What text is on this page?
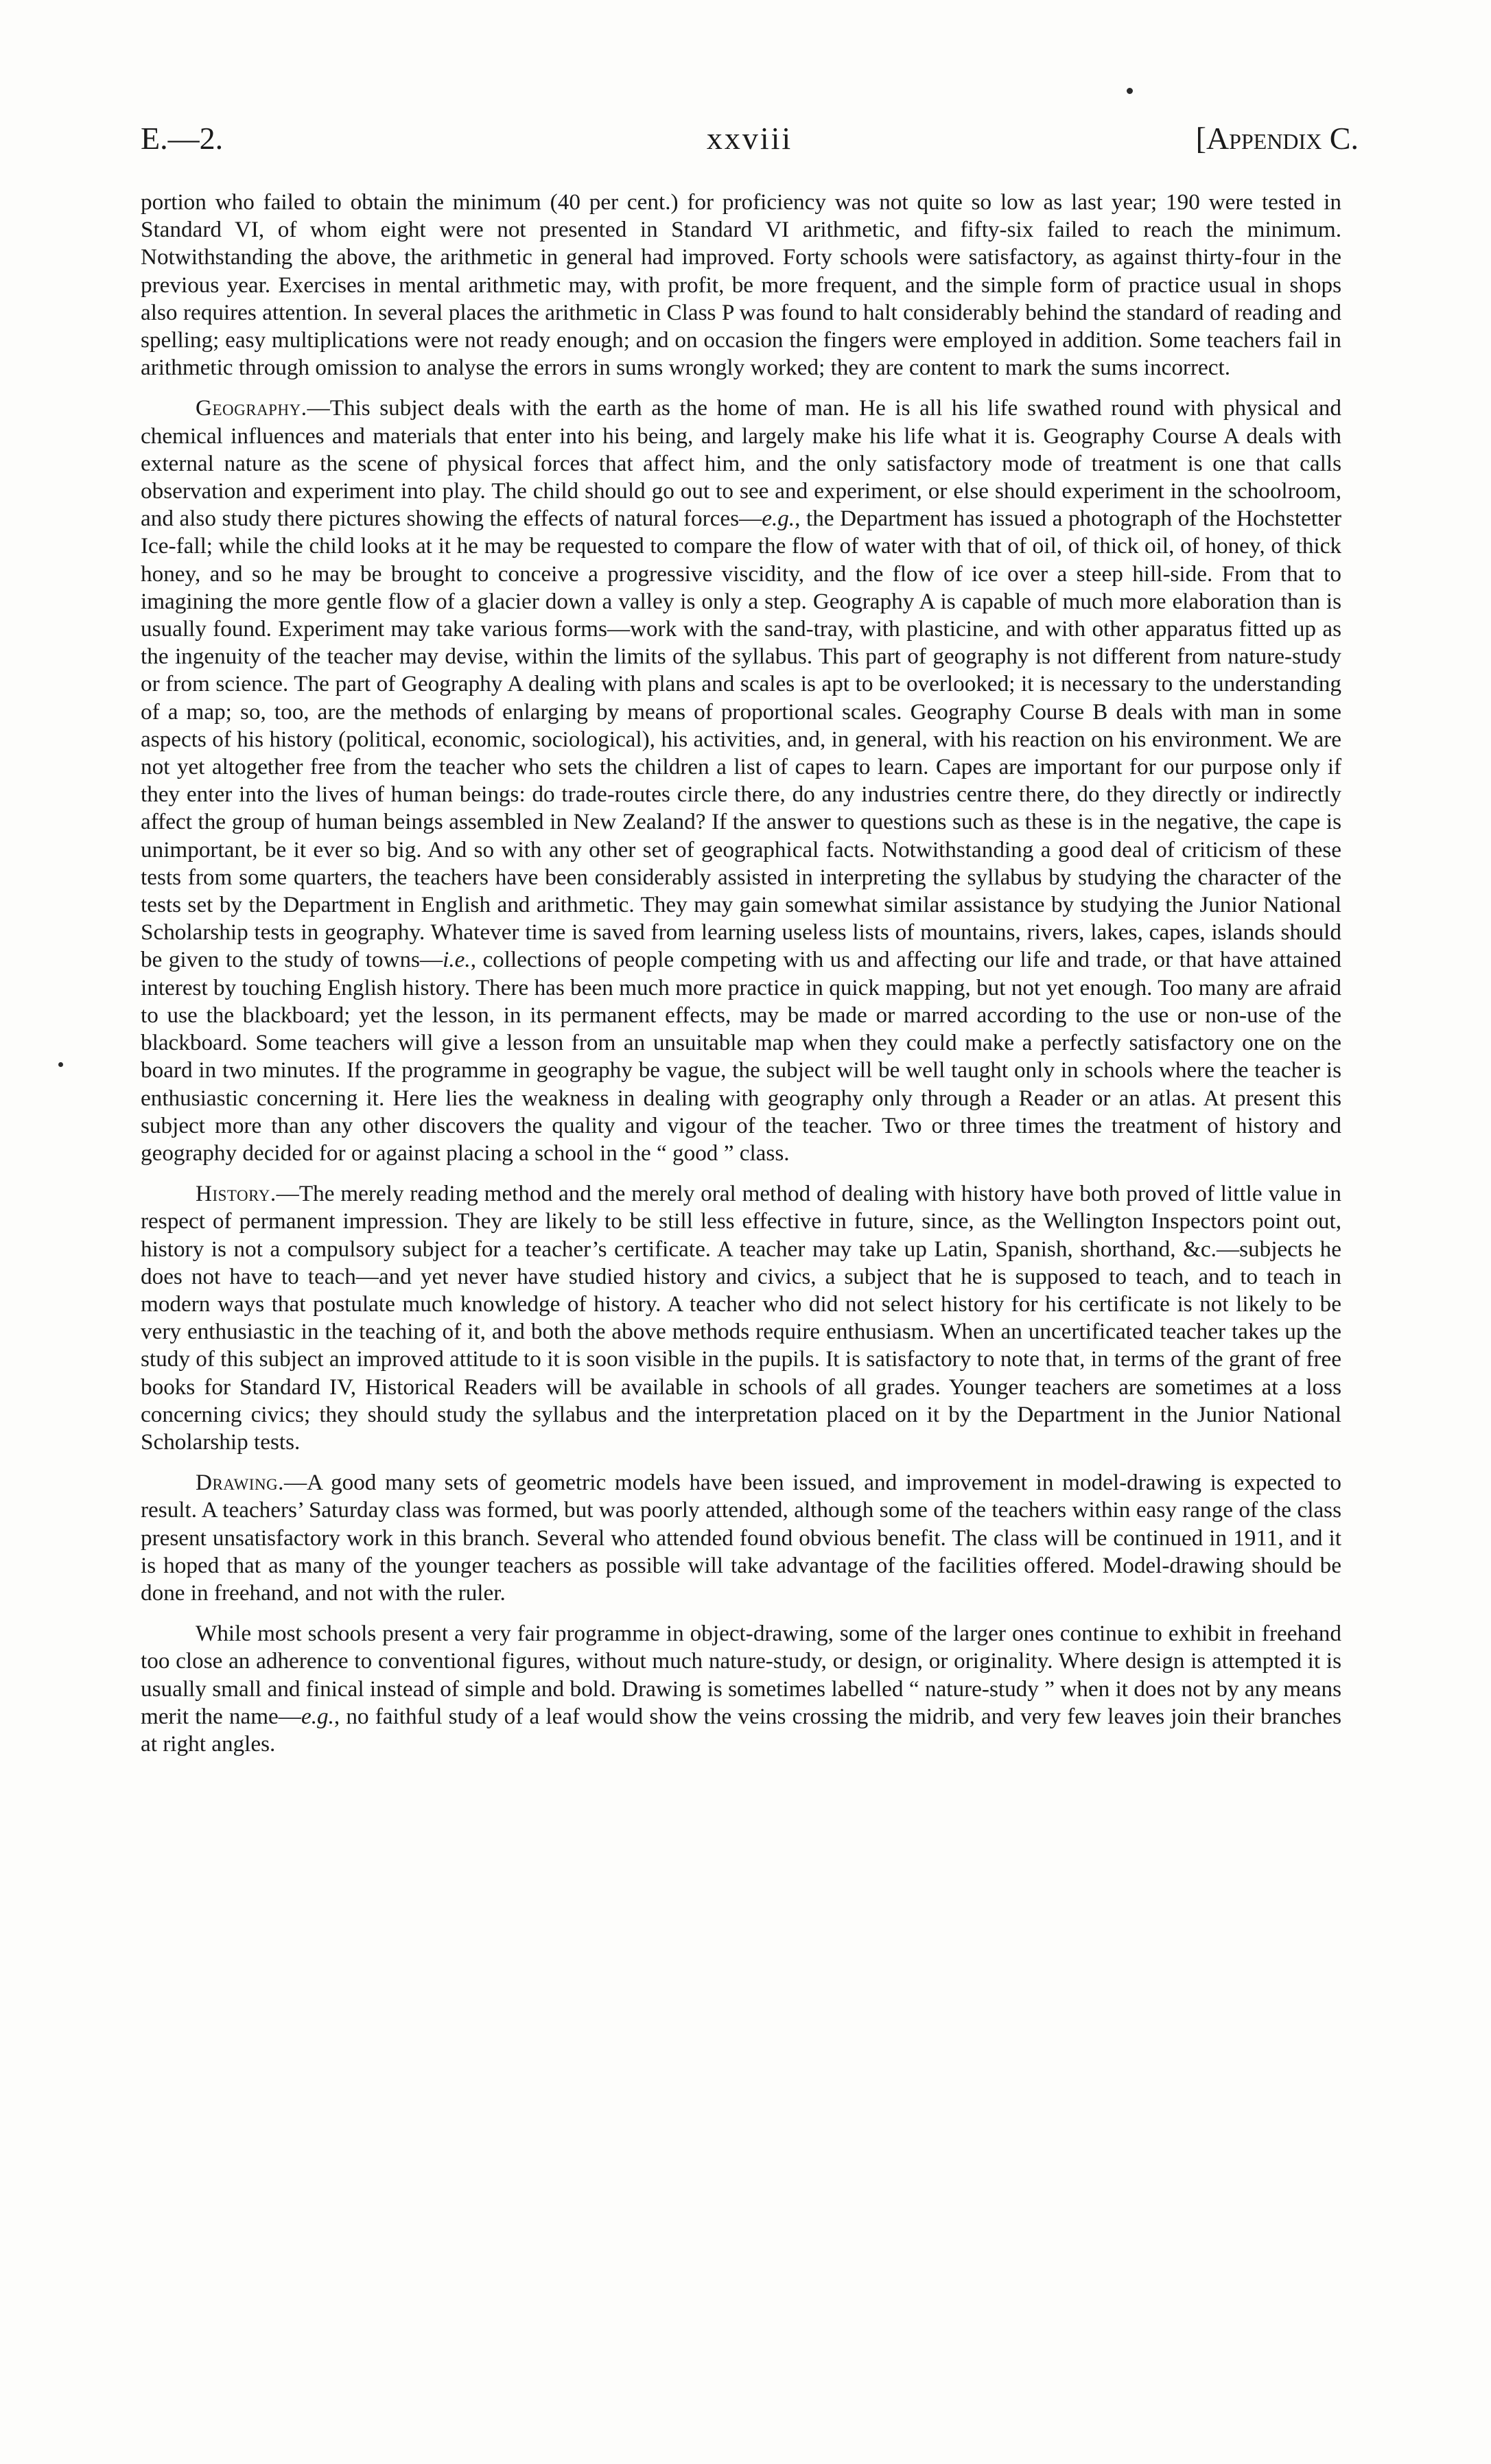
E.—2.	xxviii	[Appendix C.

portion who failed to obtain the minimum (40 per cent.) for proficiency was not quite so low as last year; 190 were tested in Standard VI, of whom eight were not presented in Standard VI arithmetic, and fifty-six failed to reach the minimum. Notwithstanding the above, the arithmetic in general had improved. Forty schools were satisfactory, as against thirty-four in the previous year. Exercises in mental arithmetic may, with profit, be more frequent, and the simple form of practice usual in shops also requires attention. In several places the arithmetic in Class P was found to halt considerably behind the standard of reading and spelling; easy multiplications were not ready enough; and on occasion the fingers were employed in addition. Some teachers fail in arithmetic through omission to analyse the errors in sums wrongly worked; they are content to mark the sums incorrect.

Geography.—This subject deals with the earth as the home of man. He is all his life swathed round with physical and chemical influences and materials that enter into his being, and largely make his life what it is. Geography Course A deals with external nature as the scene of physical forces that affect him, and the only satisfactory mode of treatment is one that calls observation and experiment into play. The child should go out to see and experiment, or else should experiment in the schoolroom, and also study there pictures showing the effects of natural forces—e.g., the Department has issued a photograph of the Hochstetter Ice-fall; while the child looks at it he may be requested to compare the flow of water with that of oil, of thick oil, of honey, of thick honey, and so he may be brought to conceive a progressive viscidity, and the flow of ice over a steep hill-side. From that to imagining the more gentle flow of a glacier down a valley is only a step. Geography A is capable of much more elaboration than is usually found. Experiment may take various forms—work with the sand-tray, with plasticine, and with other apparatus fitted up as the ingenuity of the teacher may devise, within the limits of the syllabus. This part of geography is not different from nature-study or from science. The part of Geography A dealing with plans and scales is apt to be overlooked; it is necessary to the understanding of a map; so, too, are the methods of enlarging by means of proportional scales. Geography Course B deals with man in some aspects of his history (political, economic, sociological), his activities, and, in general, with his reaction on his environment. We are not yet altogether free from the teacher who sets the children a list of capes to learn. Capes are important for our purpose only if they enter into the lives of human beings: do trade-routes circle there, do any industries centre there, do they directly or indirectly affect the group of human beings assembled in New Zealand? If the answer to questions such as these is in the negative, the cape is unimportant, be it ever so big. And so with any other set of geographical facts. Notwithstanding a good deal of criticism of these tests from some quarters, the teachers have been considerably assisted in interpreting the syllabus by studying the character of the tests set by the Department in English and arithmetic. They may gain somewhat similar assistance by studying the Junior National Scholarship tests in geography. Whatever time is saved from learning useless lists of mountains, rivers, lakes, capes, islands should be given to the study of towns—i.e., collections of people competing with us and affecting our life and trade, or that have attained interest by touching English history. There has been much more practice in quick mapping, but not yet enough. Too many are afraid to use the blackboard; yet the lesson, in its permanent effects, may be made or marred according to the use or non-use of the blackboard. Some teachers will give a lesson from an unsuitable map when they could make a perfectly satisfactory one on the board in two minutes. If the programme in geography be vague, the subject will be well taught only in schools where the teacher is enthusiastic concerning it. Here lies the weakness in dealing with geography only through a Reader or an atlas. At present this subject more than any other discovers the quality and vigour of the teacher. Two or three times the treatment of history and geography decided for or against placing a school in the “ good ” class.

History.—The merely reading method and the merely oral method of dealing with history have both proved of little value in respect of permanent impression. They are likely to be still less effective in future, since, as the Wellington Inspectors point out, history is not a compulsory subject for a teacher’s certificate. A teacher may take up Latin, Spanish, shorthand, &c.—subjects he does not have to teach—and yet never have studied history and civics, a subject that he is supposed to teach, and to teach in modern ways that postulate much knowledge of history. A teacher who did not select history for his certificate is not likely to be very enthusiastic in the teaching of it, and both the above methods require enthusiasm. When an uncertificated teacher takes up the study of this subject an improved attitude to it is soon visible in the pupils. It is satisfactory to note that, in terms of the grant of free books for Standard IV, Historical Readers will be available in schools of all grades. Younger teachers are sometimes at a loss concerning civics; they should study the syllabus and the interpretation placed on it by the Department in the Junior National Scholarship tests.

Drawing.—A good many sets of geometric models have been issued, and improvement in model-drawing is expected to result. A teachers’ Saturday class was formed, but was poorly attended, although some of the teachers within easy range of the class present unsatisfactory work in this branch. Several who attended found obvious benefit. The class will be continued in 1911, and it is hoped that as many of the younger teachers as possible will take advantage of the facilities offered. Model-drawing should be done in freehand, and not with the ruler.

While most schools present a very fair programme in object-drawing, some of the larger ones continue to exhibit in freehand too close an adherence to conventional figures, without much nature-study, or design, or originality. Where design is attempted it is usually small and finical instead of simple and bold. Drawing is sometimes labelled “ nature-study ” when it does not by any means merit the name—e.g., no faithful study of a leaf would show the veins crossing the midrib, and very few leaves join their branches at right angles.
